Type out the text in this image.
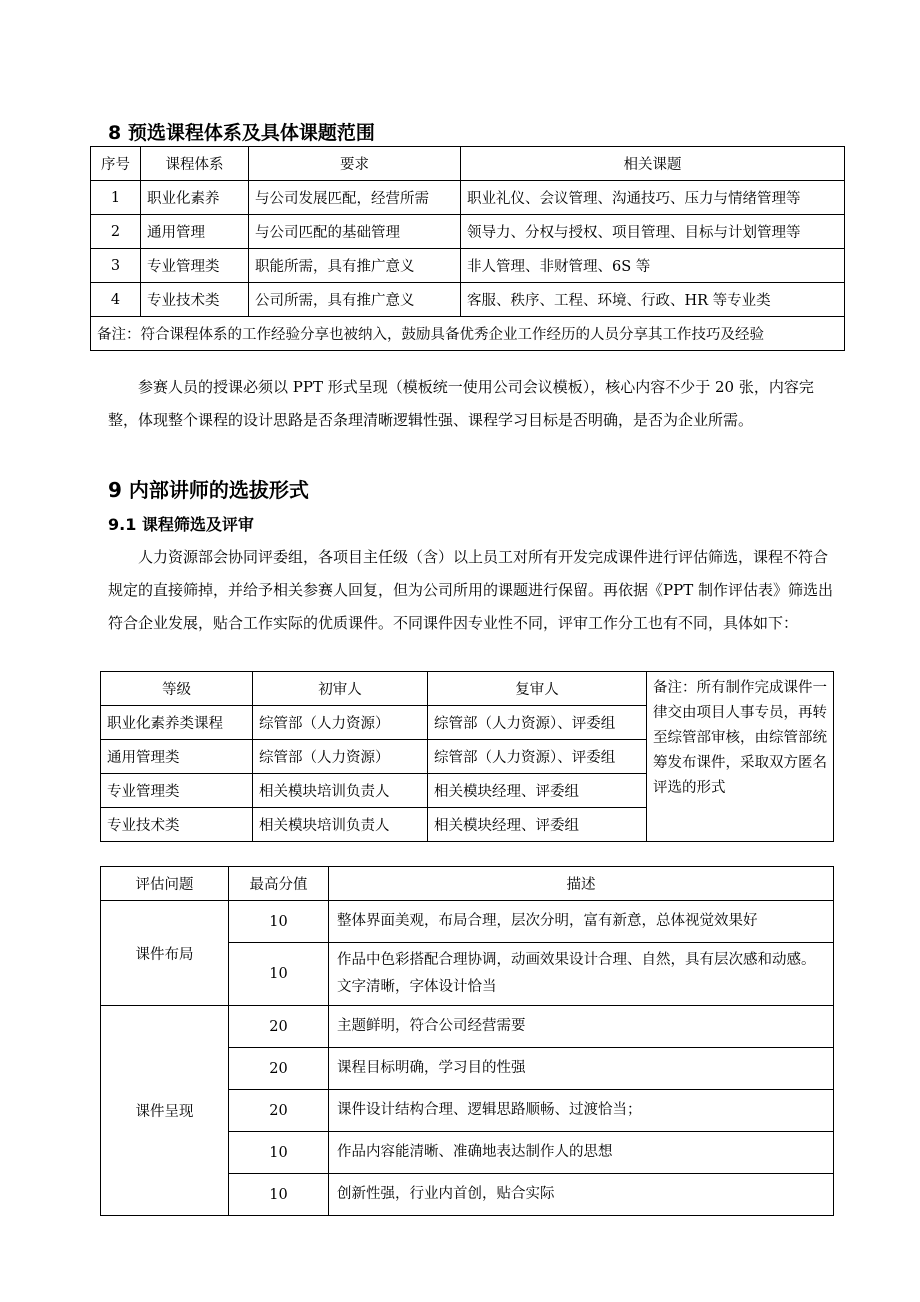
8 预选课程体系及具体课题范围
序号	课程体系	要求	相关课题
1	职业化素养	与公司发展匹配，经营所需	职业礼仪、会议管理、沟通技巧、压力与情绪管理等
2	通用管理	与公司匹配的基础管理	领导力、分权与授权、项目管理、目标与计划管理等
3	专业管理类	职能所需，具有推广意义	非人管理、非财管理、6S 等
4	专业技术类	公司所需，具有推广意义	客服、秩序、工程、环境、行政、HR 等专业类
备注：符合课程体系的工作经验分享也被纳入，鼓励具备优秀企业工作经历的人员分享其工作技巧及经验			

参赛人员的授课必须以 PPT 形式呈现（模板统一使用公司会议模板），核心内容不少于 20 张，内容完整，体现整个课程的设计思路是否条理清晰逻辑性强、课程学习目标是否明确，是否为企业所需。

9 内部讲师的选拔形式
9.1 课程筛选及评审

人力资源部会协同评委组，各项目主任级（含）以上员工对所有开发完成课件进行评估筛选，课程不符合规定的直接筛掉，并给予相关参赛人回复，但为公司所用的课题进行保留。再依据《PPT 制作评估表》筛选出符合企业发展，贴合工作实际的优质课件。不同课件因专业性不同，评审工作分工也有不同，具体如下：

等级	初审人	复审人	备注：所有制作完成课件一律交由项目人事专员，再转至综管部审核，由综管部统筹发布课件，采取双方匿名评选的形式
职业化素养类课程	综管部（人力资源）	综管部（人力资源）、评委组	
通用管理类	综管部（人力资源）	综管部（人力资源）、评委组	
专业管理类	相关模块培训负责人	相关模块经理、评委组	
专业技术类	相关模块培训负责人	相关模块经理、评委组	
评估问题	最高分值	描述
课件布局	10	整体界面美观，布局合理，层次分明，富有新意，总体视觉效果好
	10	作品中色彩搭配合理协调，动画效果设计合理、自然，具有层次感和动感。文字清晰，字体设计恰当
课件呈现	20	主题鲜明，符合公司经营需要
	20	课程目标明确，学习目的性强
	20	课件设计结构合理、逻辑思路顺畅、过渡恰当；
	10	作品内容能清晰、准确地表达制作人的思想
	10	创新性强，行业内首创，贴合实际
